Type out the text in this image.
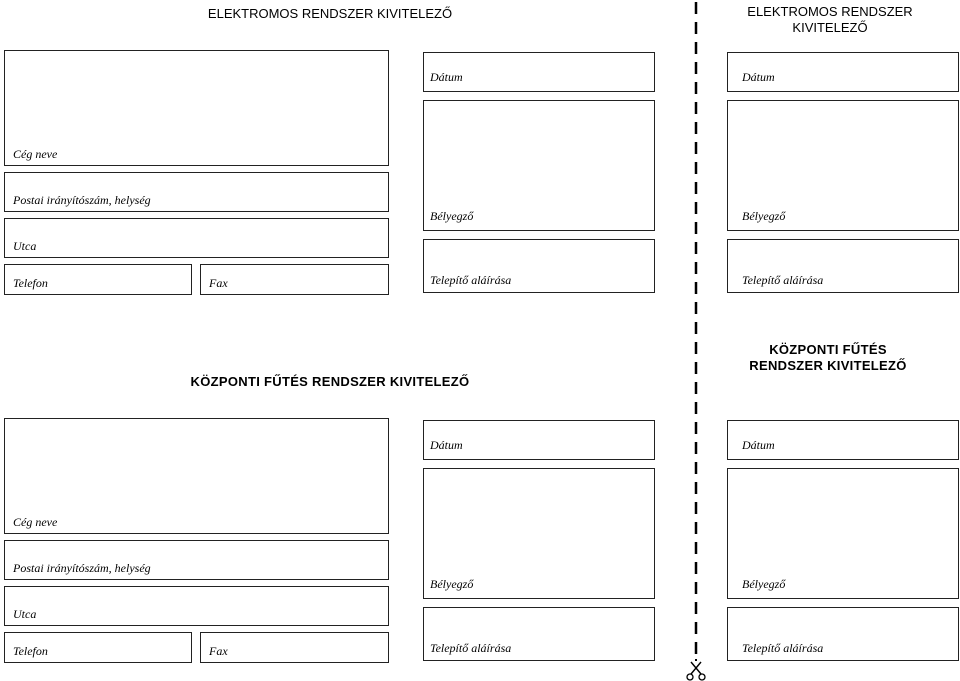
ELEKTROMOS RENDSZER KIVITELEZŐ
Cég neve
Postai irányítószám, helység
Utca
Telefon	Fax
Dátum
Bélyegző
Telepítő aláírása
ELEKTROMOS RENDSZER KIVITELEZŐ
Dátum
Bélyegző
Telepítő aláírása
KÖZPONTI FŰTÉS RENDSZER KIVITELEZŐ
Cég neve
Postai irányítószám, helység
Utca
Telefon	Fax
Dátum
Bélyegző
Telepítő aláírása
KÖZPONTI FŰTÉS RENDSZER KIVITELEZŐ
Dátum
Bélyegző
Telepítő aláírása
